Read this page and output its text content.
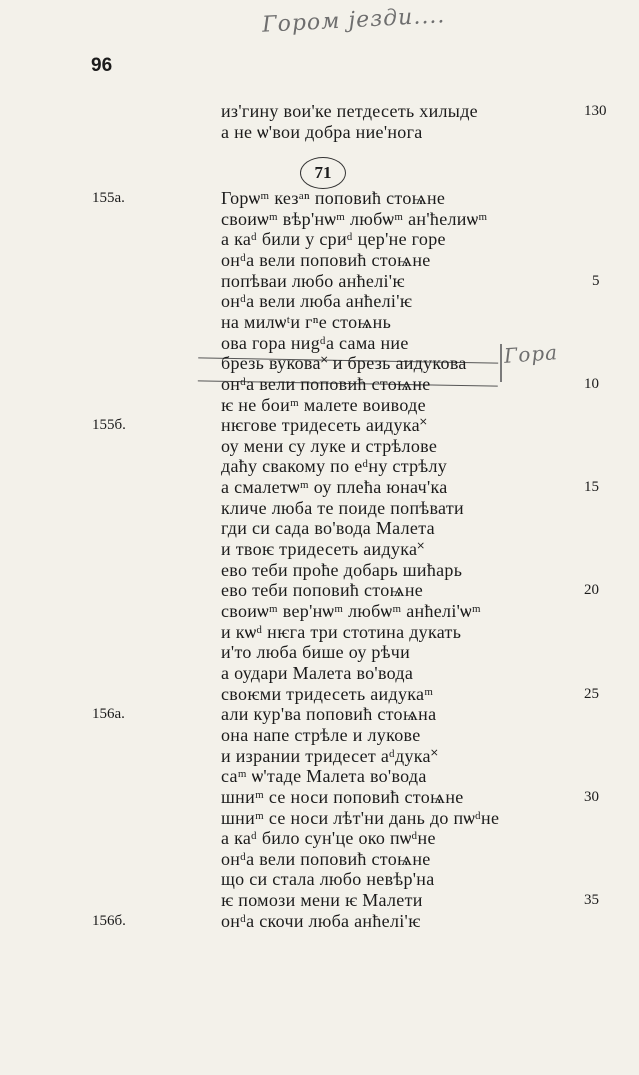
Гором језди....
Гора
96
71
из'гину вои'ке петдесеть хилыде
а не ѡ'вои добра ние'нога
Горѡᵐ кезᵃⁿ поповиħ стоѩне
своиѡᵐ вѣр'нѡᵐ любѡᵐ ан'ћелиѡᵐ
а каᵈ били у сриᵈ цер'не горе
онᵈа вели поповиħ стоѩне
попѣваи любо анħелі'ѥ
онᵈа вели люба анħелі'ѥ
на милѡᵗи гⁿе стоѩнь
ова гора ниgᵈа сама ние
брезь вукова˟ и брезь аидукова
онᵈа вели поповиħ стоѩне
ѥ не боиᵐ малете воиводе
нѥгове тридесеть аидука˟
оу мени су луке и стрѣлове
даħу свакому по еᵈну стрѣлу
а смалетѡᵐ оу плеħа юнач'ка
кличе люба те поиде попѣвати
гди си сада во'вода Малета
и твоѥ тридесеть аидука˟
ево теби проħе добарь шиħарь
ево теби поповиħ стоѩне
своиѡᵐ вер'нѡᵐ любѡᵐ анħелі'ѡᵐ
и кѡᵈ нѥга три стотина дукать
и'то люба бише оу рѣчи
а оудари Малета во'вода
своѥми тридесеть аидукаᵐ
али кур'ва поповиħ стоѩна
она напе стрѣле и лукове
и изрании тридесет аᵈдука˟
саᵐ ѡ'таде Малета во'вода
шниᵐ се носи поповиħ стоѩне
шниᵐ се носи лѣт'ни дань до пѡᵈне
а каᵈ било сун'це око пѡᵈне
онᵈа вели поповиħ стоѩне
що си стала любо невѣр'на
ѥ помози мени ѥ Малети
онᵈа скочи люба анħелі'ѥ
130
5
10
15
20
25
30
35
155а.
155б.
156а.
156б.
